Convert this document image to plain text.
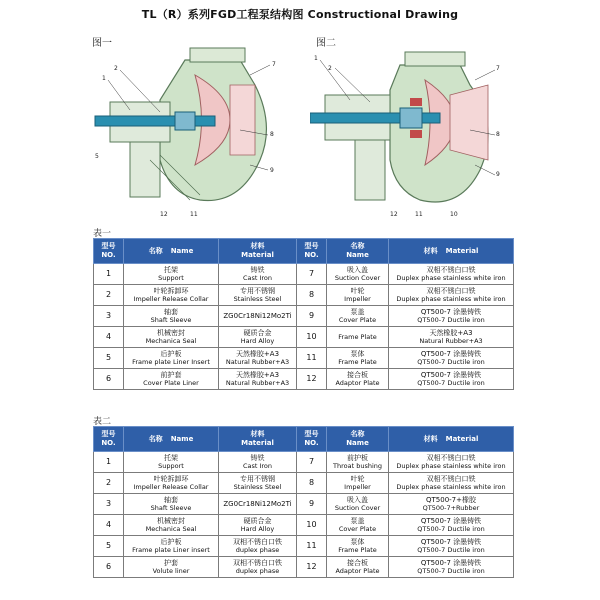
TL（R）系列FGD工程泵结构图 Constructional Drawing
图一
1
2
7
8
9
12	11
5
图二
1
2	7
8
9
12	11	10
表一
型号
NO.	名称 Name	材料
Material	型号
NO.	名称
Name	材料 Material
1	托架
Support	铸铁
Cast Iron	7	吸入盖
Suction Cover	双相不锈白口铁
Duplex phase stainless white iron

2	叶轮拆卸环
Impeller Release Collar	专用不锈钢
Stainless Steel	8	叶轮
Impeller	双相不锈白口铁
Duplex phase stainless white iron

3	轴套
Shaft Sleeve	ZG0Cr18Ni12Mo2Ti	9	泵盖
Cover Plate	QT500-7 涂墨铸铁
QT500-7 Ductile iron

4	机械密封
Mechanica Seal	硬质合金
Hard Alloy	10	Frame Plate	天然橡胶+A3
Natural Rubber+A3

5	后护板
Frame plate Liner Insert	天然橡胶+A3
Natural Rubber+A3	11	泵体
Frame Plate	QT500-7 涂墨铸铁
QT500-7 Ductile iron

6	前护套
Cover Plate Liner	天然橡胶+A3
Natural Rubber+A3	12	接合板
Adaptor Plate	QT500-7 涂墨铸铁
QT500-7 Ductile iron
表二
型号
NO.	名称 Name	材料
Material	型号
NO.	名称
Name	材料 Material
1	托架
Support	铸铁
Cast Iron	7	前护板
Throat bushing	双相不锈白口铁
Duplex phase stainless white iron

2	叶轮拆卸环
Impeller Release Collar	专用不锈钢
Stainless Steel	8	叶轮
Impeller	双相不锈白口铁
Duplex phase stainless white iron

3	轴套
Shaft Sleeve	ZG0Cr18Ni12Mo2Ti	9	吸入盖
Suction Cover	QT500-7+橡胶
QT500-7+Rubber

4	机械密封
Mechanica Seal	硬质合金
Hard Alloy	10	泵盖
Cover Plate	QT500-7 涂墨铸铁
QT500-7 Ductile iron

5	后护板
Frame plate Liner insert	双相不锈白口铁
duplex phase	11	泵体
Frame Plate	QT500-7 涂墨铸铁
QT500-7 Ductile iron

6	护套
Volute liner	双相不锈白口铁
duplex phase	12	接合板
Adaptor Plate	QT500-7 涂墨铸铁
QT500-7 Ductile iron
